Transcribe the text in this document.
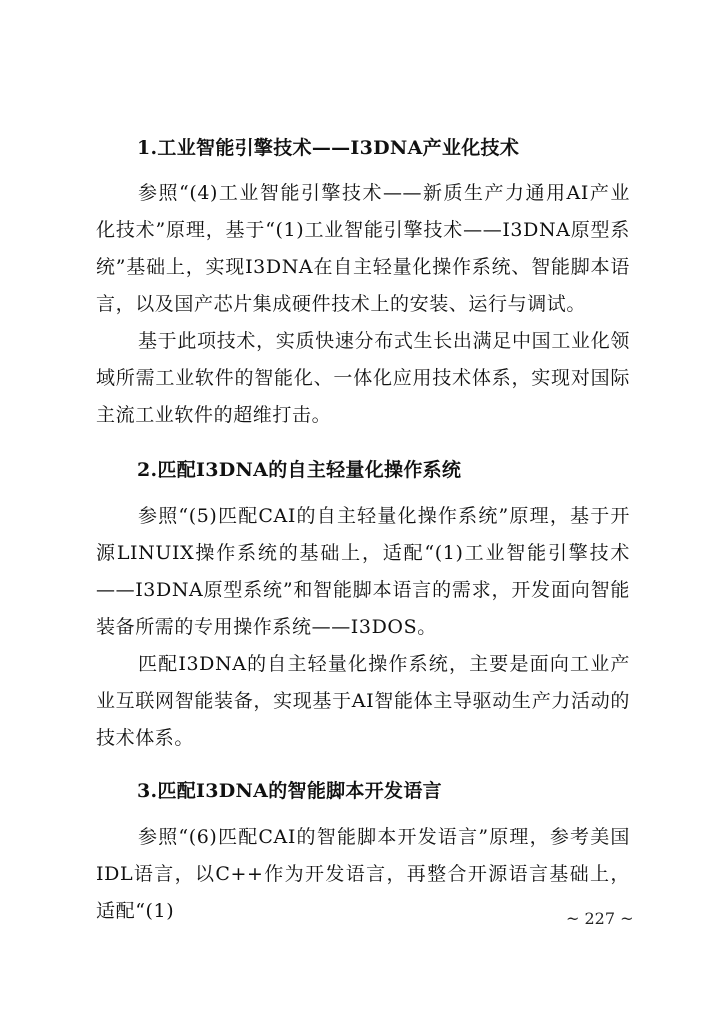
1.工业智能引擎技术——I3DNA产业化技术
参照“(4)工业智能引擎技术——新质生产力通用AI产业化技术”原理，基于“(1)工业智能引擎技术——I3DNA原型系统”基础上，实现I3DNA在自主轻量化操作系统、智能脚本语言，以及国产芯片集成硬件技术上的安装、运行与调试。
基于此项技术，实质快速分布式生长出满足中国工业化领域所需工业软件的智能化、一体化应用技术体系，实现对国际主流工业软件的超维打击。
2.匹配I3DNA的自主轻量化操作系统
参照“(5)匹配CAI的自主轻量化操作系统”原理，基于开源LINUIX操作系统的基础上，适配“(1)工业智能引擎技术——I3DNA原型系统”和智能脚本语言的需求，开发面向智能装备所需的专用操作系统——I3DOS。
匹配I3DNA的自主轻量化操作系统，主要是面向工业产业互联网智能装备，实现基于AI智能体主导驱动生产力活动的技术体系。
3.匹配I3DNA的智能脚本开发语言
参照“(6)匹配CAI的智能脚本开发语言”原理，参考美国IDL语言，以C++作为开发语言，再整合开源语言基础上，适配“(1)	~ 227 ~
